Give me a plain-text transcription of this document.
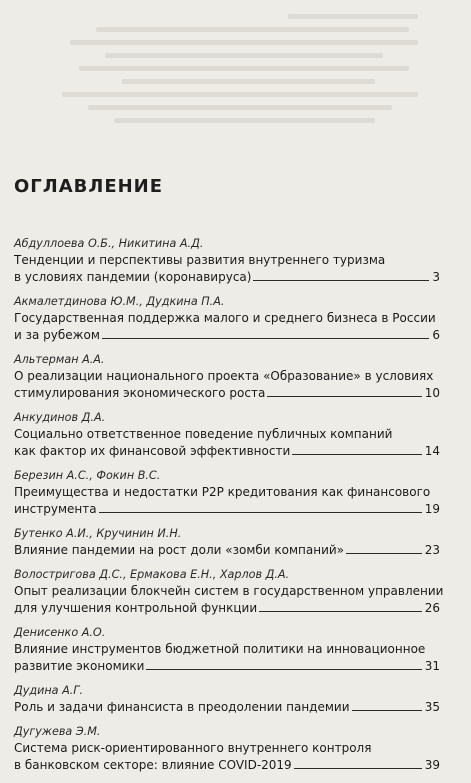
ОГЛАВЛЕНИЕ
Абдуллоева О.Б., Никитина А.Д.
Тенденции и перспективы развития внутреннего туризма
в условиях пандемии (коронавируса)	3
Акмалетдинова Ю.М., Дудкина П.А.
Государственная поддержка малого и среднего бизнеса в России
и за рубежом	6
Альтерман А.А.
О реализации национального проекта «Образование» в условиях
стимулирования экономического роста	10
Анкудинов Д.А.
Социально ответственное поведение публичных компаний
как фактор их финансовой эффективности	14
Березин А.С., Фокин В.С.
Преимущества и недостатки P2P кредитования как финансового
инструмента	19
Бутенко А.И., Кручинин И.Н.
Влияние пандемии на рост доли «зомби компаний»	23
Волостригова Д.С., Ермакова Е.Н., Харлов Д.А.
Опыт реализации блокчейн систем в государственном управлении
для улучшения контрольной функции	26
Денисенко А.О.
Влияние инструментов бюджетной политики на инновационное
развитие экономики	31
Дудина А.Г.
Роль и задачи финансиста в преодолении пандемии	35
Дугужева Э.М.
Система риск-ориентированного внутреннего контроля
в банковском секторе: влияние COVID-2019	39
